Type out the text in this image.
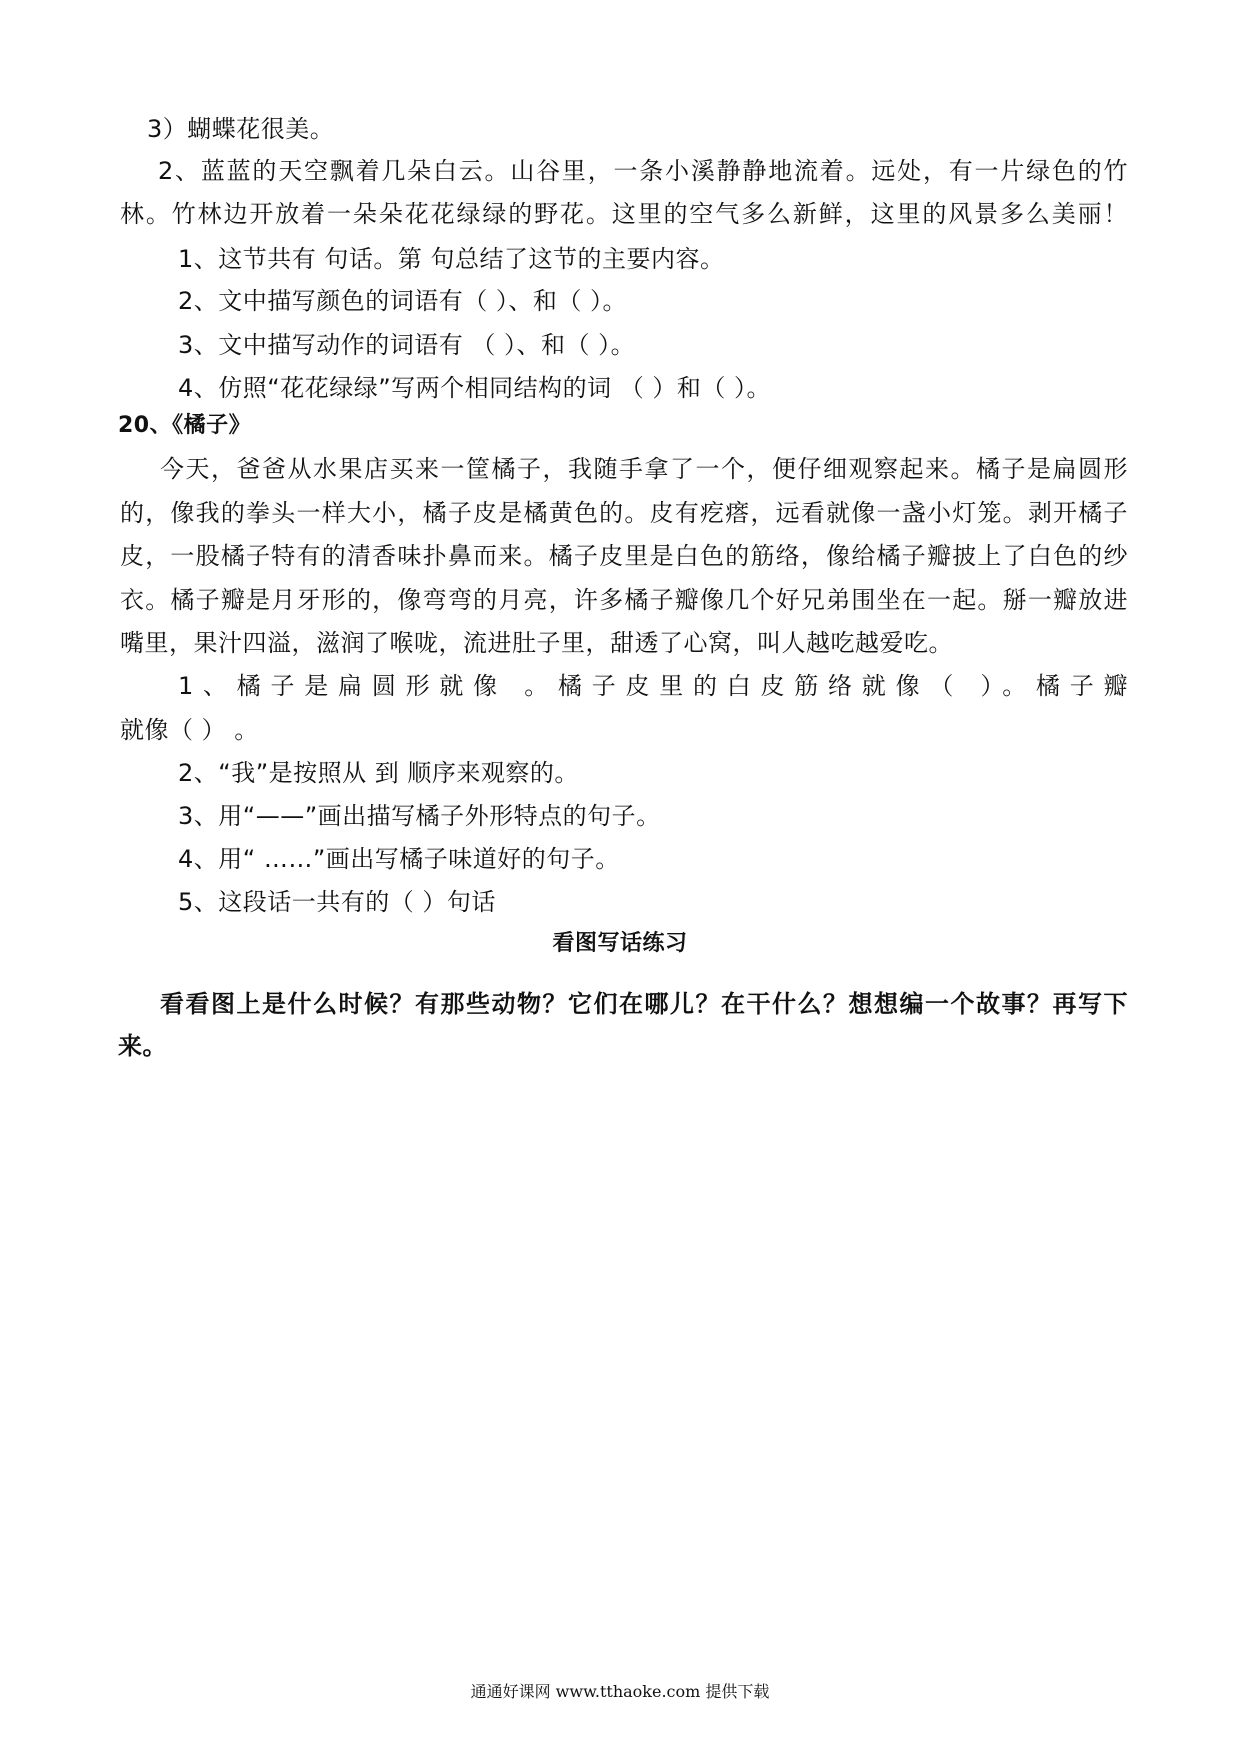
3）蝴蝶花很美。
2、蓝蓝的天空飘着几朵白云。山谷里，一条小溪静静地流着。远处，有一片绿色的竹
林。竹林边开放着一朵朵花花绿绿的野花。这里的空气多么新鲜，这里的风景多么美丽！
1、这节共有 句话。第 句总结了这节的主要内容。
2、文中描写颜色的词语有（ ）、和（ ）。
3、文中描写动作的词语有 （ ）、和（ ）。
4、仿照“花花绿绿”写两个相同结构的词 （ ）和（ ）。
20、《橘子》
今天，爸爸从水果店买来一筐橘子，我随手拿了一个，便仔细观察起来。橘子是扁圆形
的，像我的拳头一样大小，橘子皮是橘黄色的。皮有疙瘩，远看就像一盏小灯笼。剥开橘子
皮，一股橘子特有的清香味扑鼻而来。橘子皮里是白色的筋络，像给橘子瓣披上了白色的纱
衣。橘子瓣是月牙形的，像弯弯的月亮，许多橘子瓣像几个好兄弟围坐在一起。掰一瓣放进
嘴里，果汁四溢，滋润了喉咙，流进肚子里，甜透了心窝，叫人越吃越爱吃。
1、橘子是扁圆形就像 。橘子皮里的白皮筋络就像（ ）。橘子瓣
就像（ ） 。
2、“我”是按照从 到 顺序来观察的。
3、用“——”画出描写橘子外形特点的句子。
4、用“ ……”画出写橘子味道好的句子。
5、这段话一共有的（ ）句话
看图写话练习
看看图上是什么时候？有那些动物？它们在哪儿？在干什么？想想编一个故事？再写下
来。
通通好课网 www.tthaoke.com 提供下载
